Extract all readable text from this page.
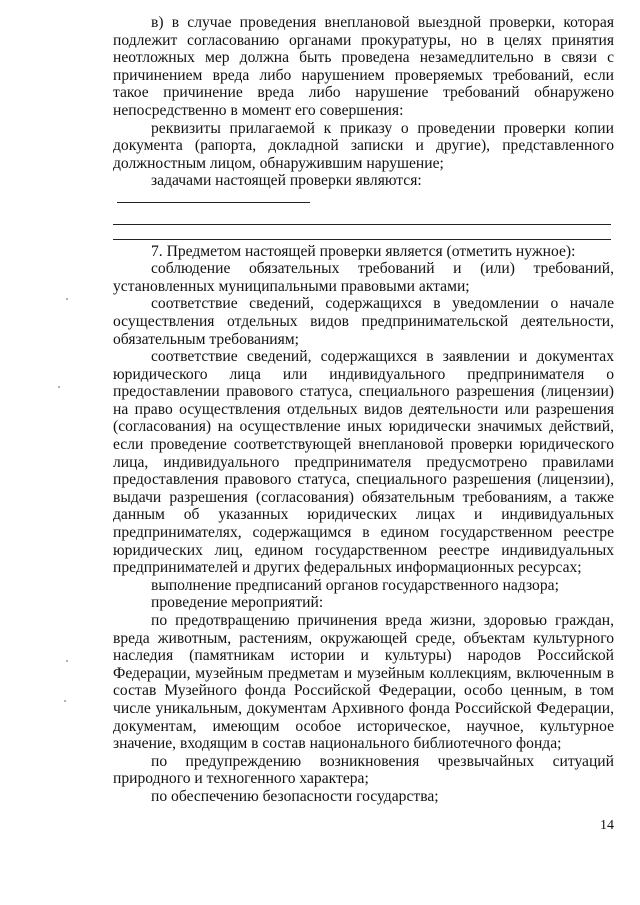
в) в случае проведения внеплановой выездной проверки, которая подлежит согласованию органами прокуратуры, но в целях принятия неотложных мер должна быть проведена незамедлительно в связи с причинением вреда либо нарушением проверяемых требований, если такое причинение вреда либо нарушение требований обнаружено непосредственно в момент его совершения:

реквизиты прилагаемой к приказу о проведении проверки копии документа (рапорта, докладной записки и другие), представленного должностным лицом, обнаружившим нарушение;

задачами настоящей проверки являются:

7. Предметом настоящей проверки является (отметить нужное):

соблюдение обязательных требований и (или) требований, установленных муниципальными правовыми актами;

соответствие сведений, содержащихся в уведомлении о начале осуществления отдельных видов предпринимательской деятельности, обязательным требованиям;

соответствие сведений, содержащихся в заявлении и документах юридического лица или индивидуального предпринимателя о предоставлении правового статуса, специального разрешения (лицензии) на право осуществления отдельных видов деятельности или разрешения (согласования) на осуществление иных юридически значимых действий, если проведение соответствующей внеплановой проверки юридического лица, индивидуального предпринимателя предусмотрено правилами предоставления правового статуса, специального разрешения (лицензии), выдачи разрешения (согласования) обязательным требованиям, а также данным об указанных юридических лицах и индивидуальных предпринимателях, содержащимся в едином государственном реестре юридических лиц, едином государственном реестре индивидуальных предпринимателей и других федеральных информационных ресурсах;

выполнение предписаний органов государственного надзора;

проведение мероприятий:

по предотвращению причинения вреда жизни, здоровью граждан, вреда животным, растениям, окружающей среде, объектам культурного наследия (памятникам истории и культуры) народов Российской Федерации, музейным предметам и музейным коллекциям, включенным в состав Музейного фонда Российской Федерации, особо ценным, в том числе уникальным, документам Архивного фонда Российской Федерации, документам, имеющим особое историческое, научное, культурное значение, входящим в состав национального библиотечного фонда;

по предупреждению возникновения чрезвычайных ситуаций природного и техногенного характера;

по обеспечению безопасности государства;

14
